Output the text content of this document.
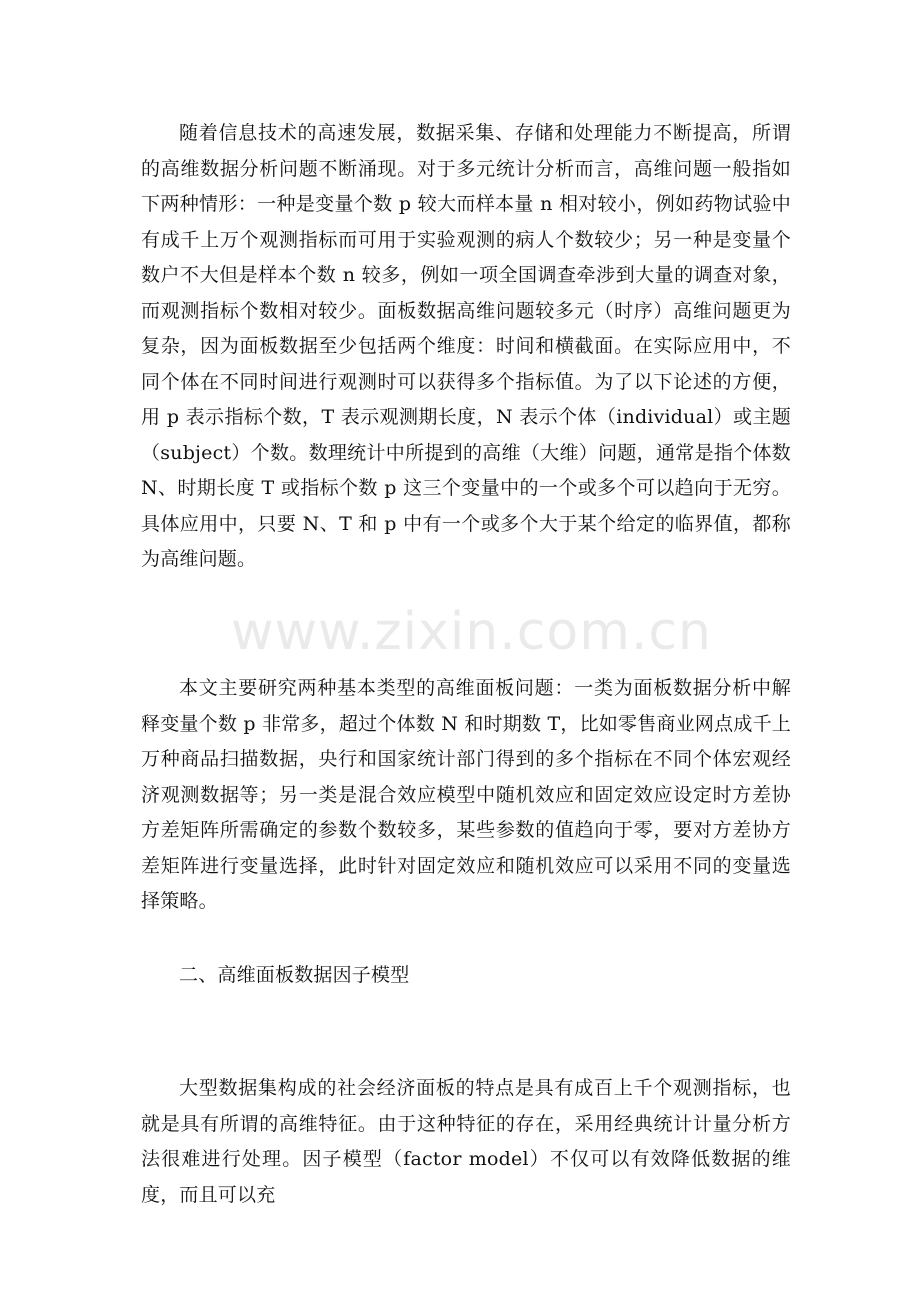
随着信息技术的高速发展，数据采集、存储和处理能力不断提高，所谓的高维数据分析问题不断涌现。对于多元统计分析而言，高维问题一般指如下两种情形：一种是变量个数 p 较大而样本量 n 相对较小，例如药物试验中有成千上万个观测指标而可用于实验观测的病人个数较少；另一种是变量个数户不大但是样本个数 n 较多，例如一项全国调查牵涉到大量的调查对象，而观测指标个数相对较少。面板数据高维问题较多元（时序）高维问题更为复杂，因为面板数据至少包括两个维度：时间和横截面。在实际应用中，不同个体在不同时间进行观测时可以获得多个指标值。为了以下论述的方便，用 p 表示指标个数，T 表示观测期长度，N 表示个体（individual）或主题（subject）个数。数理统计中所提到的高维（大维）问题，通常是指个体数 N、时期长度 T 或指标个数 p 这三个变量中的一个或多个可以趋向于无穷。具体应用中，只要 N、T 和 p 中有一个或多个大于某个给定的临界值，都称为高维问题。

www.zixin.com.cn

本文主要研究两种基本类型的高维面板问题：一类为面板数据分析中解释变量个数 p 非常多，超过个体数 N 和时期数 T，比如零售商业网点成千上万种商品扫描数据，央行和国家统计部门得到的多个指标在不同个体宏观经济观测数据等；另一类是混合效应模型中随机效应和固定效应设定时方差协方差矩阵所需确定的参数个数较多，某些参数的值趋向于零，要对方差协方差矩阵进行变量选择，此时针对固定效应和随机效应可以采用不同的变量选择策略。

二、高维面板数据因子模型

大型数据集构成的社会经济面板的特点是具有成百上千个观测指标，也就是具有所谓的高维特征。由于这种特征的存在，采用经典统计计量分析方法很难进行处理。因子模型（factor model）不仅可以有效降低数据的维度，而且可以充
